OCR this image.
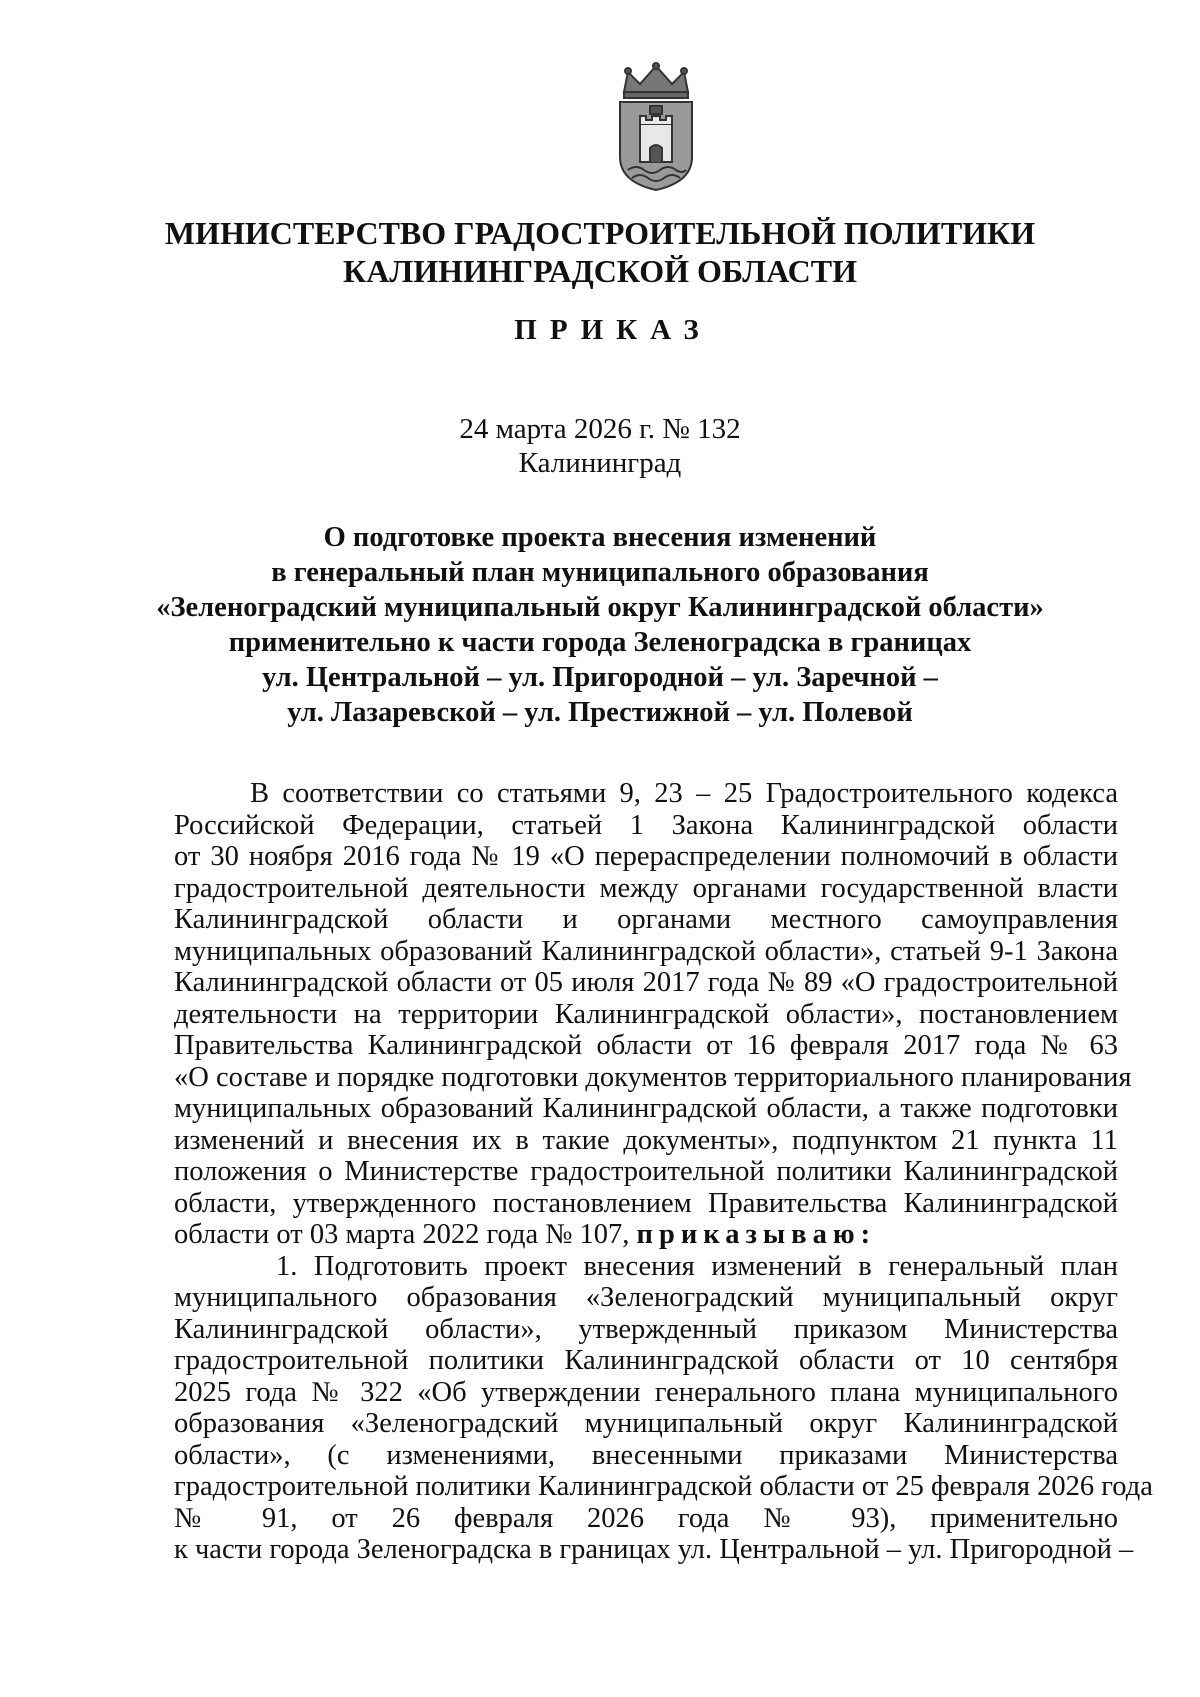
МИНИСТЕРСТВО ГРАДОСТРОИТЕЛЬНОЙ ПОЛИТИКИ
КАЛИНИНГРАДСКОЙ ОБЛАСТИ
ПРИКАЗ
24 марта 2026 г. № 132
Калининград
О подготовке проекта внесения изменений
в генеральный план муниципального образования
«Зеленоградский муниципальный округ Калининградской области»
применительно к части города Зеленоградска в границах
ул. Центральной – ул. Пригородной – ул. Заречной –
ул. Лазаревской – ул. Престижной – ул. Полевой
В соответствии со статьями 9, 23 – 25 Градостроительного кодекса
Российской Федерации, статьей 1 Закона Калининградской области
от 30 ноября 2016 года № 19 «О перераспределении полномочий в области
градостроительной деятельности между органами государственной власти
Калининградской области и органами местного самоуправления
муниципальных образований Калининградской области», статьей 9-1 Закона
Калининградской области от 05 июля 2017 года № 89 «О градостроительной
деятельности на территории Калининградской области», постановлением
Правительства Калининградской области от 16 февраля 2017 года № 63
«О составе и порядке подготовки документов территориального планирования
муниципальных образований Калининградской области, а также подготовки
изменений и внесения их в такие документы», подпунктом 21 пункта 11
положения о Министерстве градостроительной политики Калининградской
области, утвержденного постановлением Правительства Калининградской
области от 03 марта 2022 года № 107, приказываю:
1. Подготовить проект внесения изменений в генеральный план
муниципального образования «Зеленоградский муниципальный округ
Калининградской области», утвержденный приказом Министерства
градостроительной политики Калининградской области от 10 сентября
2025 года № 322 «Об утверждении генерального плана муниципального
образования «Зеленоградский муниципальный округ Калининградской
области», (с изменениями, внесенными приказами Министерства
градостроительной политики Калининградской области от 25 февраля 2026 года
№ 91, от 26 февраля 2026 года № 93), применительно
к части города Зеленоградска в границах ул. Центральной – ул. Пригородной –
